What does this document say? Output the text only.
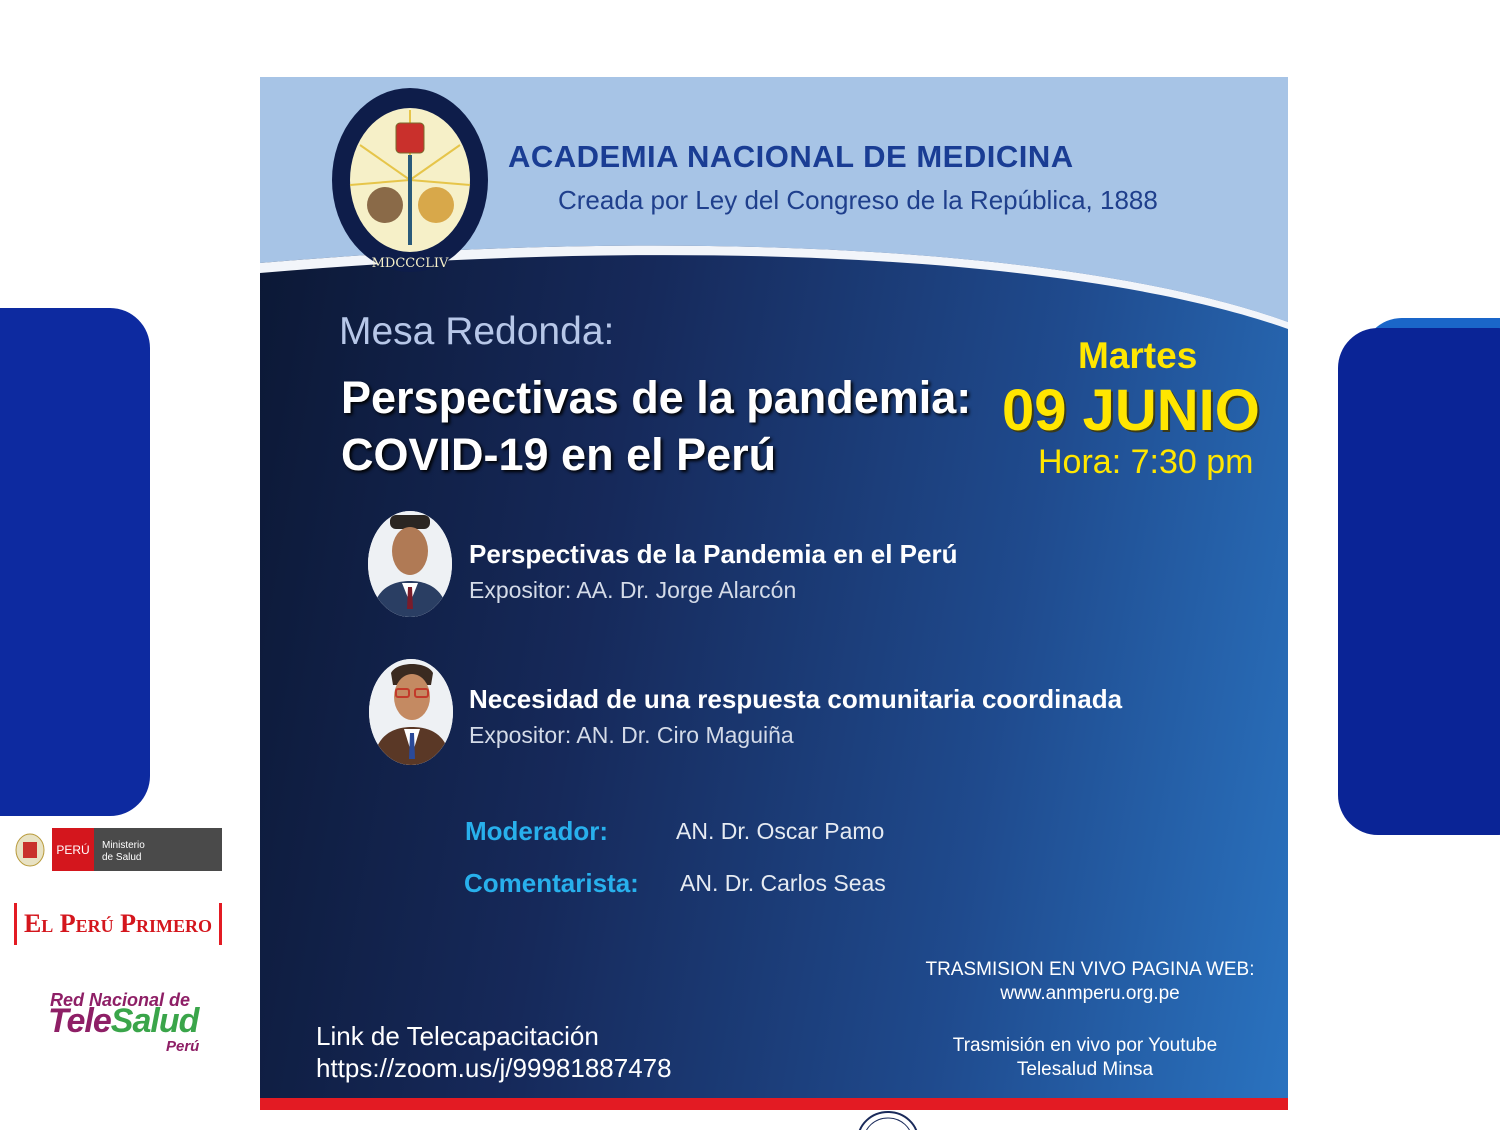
MDCCCLIV
ACADEMIA NACIONAL DE MEDICINA
Creada por Ley del Congreso de la República, 1888
Mesa Redonda:
Perspectivas de la pandemia:
COVID-19 en el Perú
Martes
09 JUNIO
Hora: 7:30 pm
Perspectivas de la Pandemia en el Perú
Expositor: AA. Dr. Jorge Alarcón
Necesidad de una respuesta comunitaria coordinada
Expositor: AN. Dr. Ciro Maguiña
Moderador:	AN. Dr. Oscar Pamo
Comentarista: AN. Dr. Carlos Seas
TRASMISION EN VIVO PAGINA WEB:
www.anmperu.org.pe
Trasmisión en vivo por Youtube
Telesalud Minsa
Link de Telecapacitación
https://zoom.us/j/99981887478
PERÚ Ministerio
de Salud
El Perú Primero
Red Nacional de
TeleSalud
Perú
